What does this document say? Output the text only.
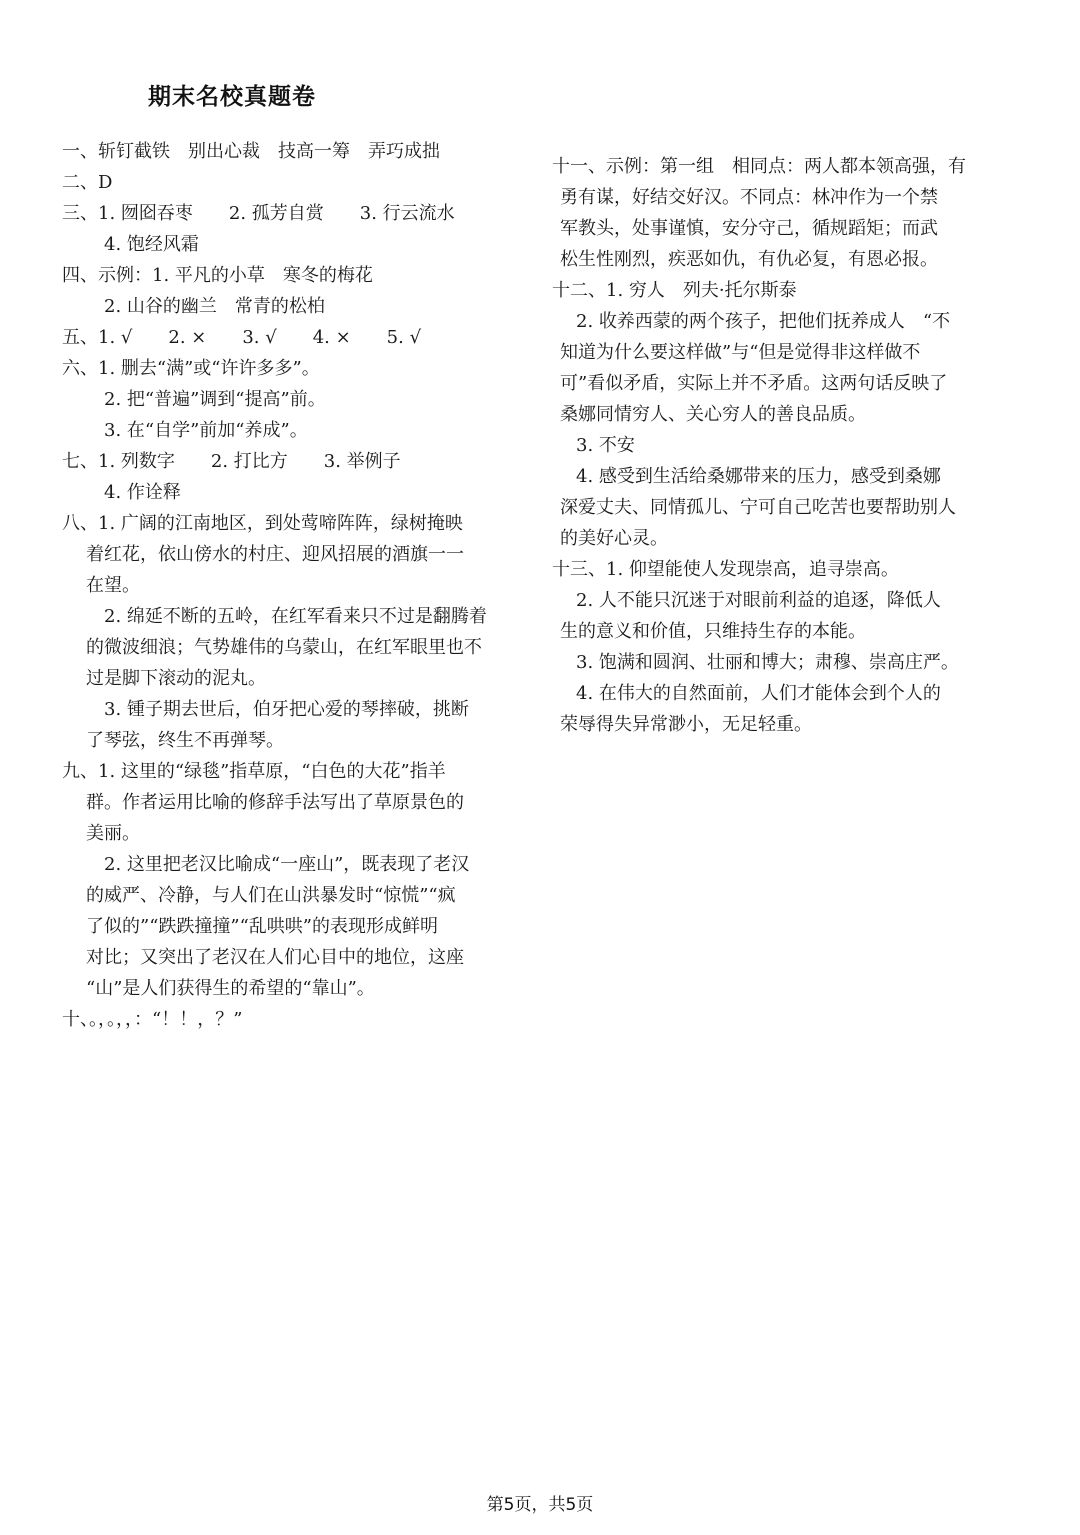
期末名校真题卷
一、斩钉截铁　别出心裁　技高一筹　弄巧成拙
二、D
三、1. 囫囵吞枣　　2. 孤芳自赏　　3. 行云流水
4. 饱经风霜
四、示例：1. 平凡的小草　寒冬的梅花
2. 山谷的幽兰　常青的松柏
五、1. √　　2. ×　　3. √　　4. ×　　5. √
六、1. 删去“满”或“许许多多”。
2. 把“普遍”调到“提高”前。
3. 在“自学”前加“养成”。
七、1. 列数字　　2. 打比方　　3. 举例子
4. 作诠释
八、1. 广阔的江南地区，到处莺啼阵阵，绿树掩映
着红花，依山傍水的村庄、迎风招展的酒旗一一
在望。
2. 绵延不断的五岭，在红军看来只不过是翻腾着
的微波细浪；气势雄伟的乌蒙山，在红军眼里也不
过是脚下滚动的泥丸。
3. 锺子期去世后，伯牙把心爱的琴摔破，挑断
了琴弦，终生不再弹琴。
九、1. 这里的“绿毯”指草原，“白色的大花”指羊
群。作者运用比喻的修辞手法写出了草原景色的
美丽。
2. 这里把老汉比喻成“一座山”，既表现了老汉
的威严、冷静，与人们在山洪暴发时“惊慌”“疯
了似的”“跌跌撞撞”“乱哄哄”的表现形成鲜明
对比；又突出了老汉在人们心目中的地位，这座
“山”是人们获得生的希望的“靠山”。
十、。，。，，：“！！，？”
十一、示例：第一组　相同点：两人都本领高强，有
勇有谋，好结交好汉。不同点：林冲作为一个禁
军教头，处事谨慎，安分守己，循规蹈矩；而武
松生性刚烈，疾恶如仇，有仇必复，有恩必报。
十二、1. 穷人　列夫·托尔斯泰
2. 收养西蒙的两个孩子，把他们抚养成人　“不
知道为什么要这样做”与“但是觉得非这样做不
可”看似矛盾，实际上并不矛盾。这两句话反映了
桑娜同情穷人、关心穷人的善良品质。
3. 不安
4. 感受到生活给桑娜带来的压力，感受到桑娜
深爱丈夫、同情孤儿、宁可自己吃苦也要帮助别人
的美好心灵。
十三、1. 仰望能使人发现崇高，追寻崇高。
2. 人不能只沉迷于对眼前利益的追逐，降低人
生的意义和价值，只维持生存的本能。
3. 饱满和圆润、壮丽和博大；肃穆、崇高庄严。
4. 在伟大的自然面前，人们才能体会到个人的
荣辱得失异常渺小，无足轻重。
第5页，共5页
